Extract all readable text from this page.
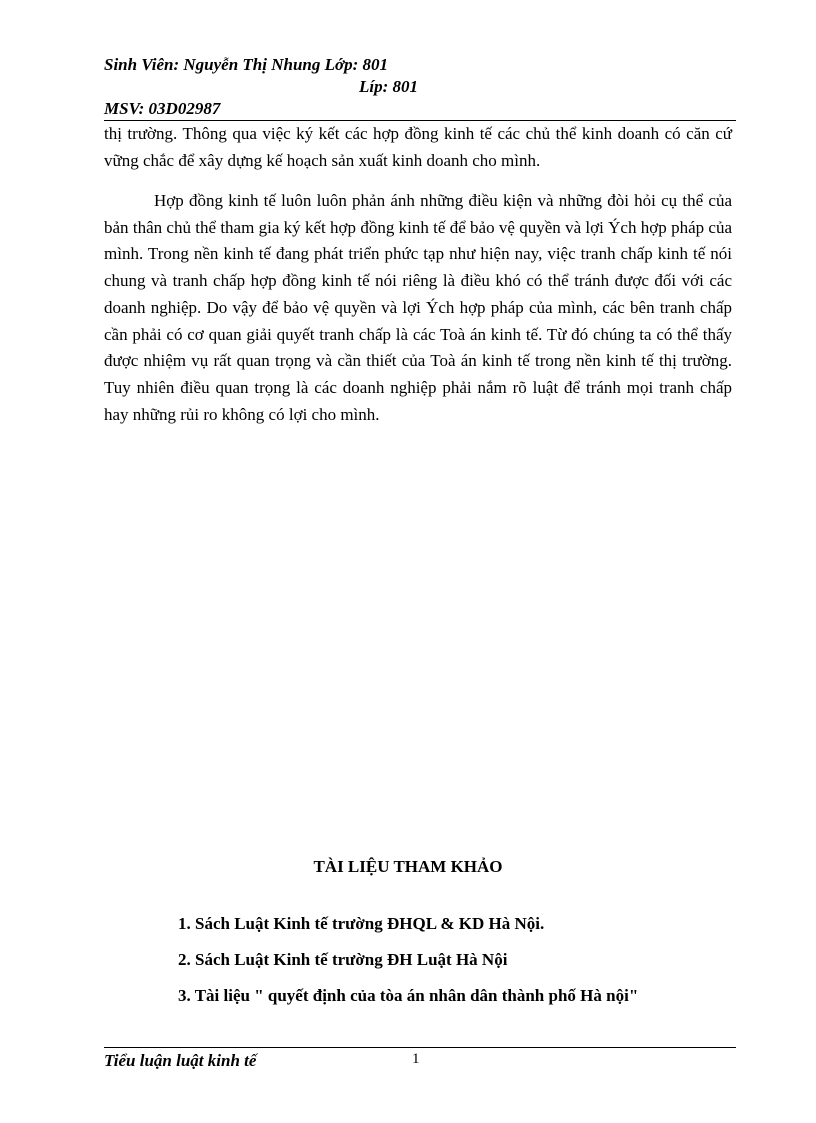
Sinh Viên: Nguyễn Thị Nhung Lớp: 801
Líp: 801
MSV: 03D02987

thị trường. Thông qua việc ký kết các hợp đồng kinh tế các chủ thể kinh doanh có căn cứ vững chắc để xây dựng kế hoạch sản xuất kinh doanh cho mình.

Hợp đồng kinh tế luôn luôn phản ánh những điều kiện và những đòi hỏi cụ thể của bản thân chủ thể tham gia ký kết hợp đồng kinh tế để bảo vệ quyền và lợi Ých hợp pháp của mình. Trong nền kinh tế đang phát triển phức tạp như hiện nay, việc tranh chấp kinh tế nói chung và tranh chấp hợp đồng kinh tế nói riêng là điều khó có thể tránh được đối với các doanh nghiệp. Do vậy để bảo vệ quyền và lợi Ých hợp pháp của mình, các bên tranh chấp cần phải có cơ quan giải quyết tranh chấp là các Toà án kinh tế. Từ đó chúng ta có thể thấy được nhiệm vụ rất quan trọng và cần thiết của Toà án kinh tế trong nền kinh tế thị trường. Tuy nhiên điều quan trọng là các doanh nghiệp phải nắm rõ luật để tránh mọi tranh chấp hay những rủi ro không có lợi cho mình.

TÀI LIỆU THAM KHẢO
1. Sách Luật Kinh tế trường ĐHQL & KD Hà Nội.
2. Sách Luật Kinh tế trường ĐH Luật Hà Nội
3. Tài liệu " quyết định của tòa án nhân dân thành phố Hà nội"
Tiểu luận luật kinh tế	1
